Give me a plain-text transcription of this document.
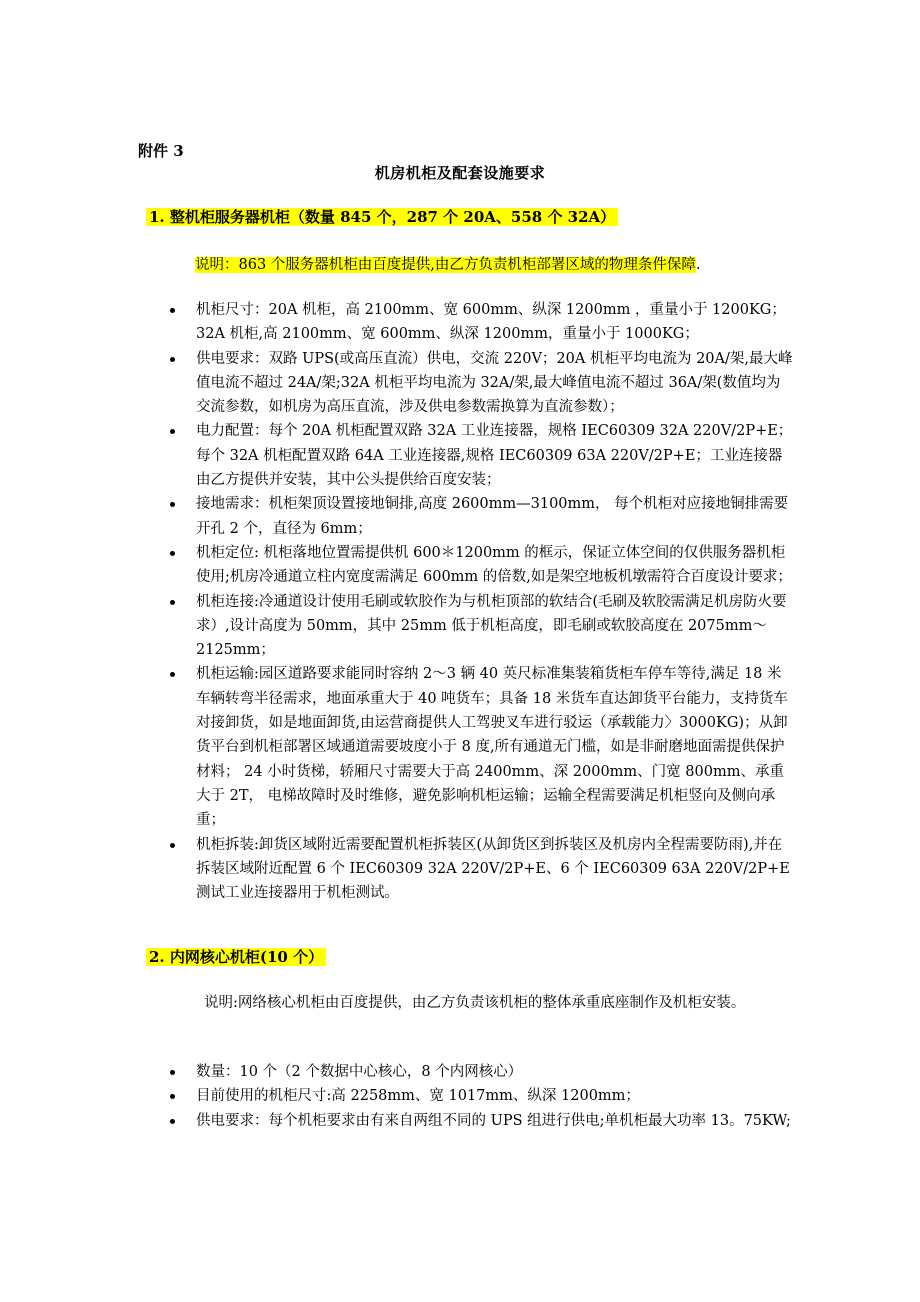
附件 3
机房机柜及配套设施要求
1. 整机柜服务器机柜（数量 845 个，287 个 20A、558 个 32A）
说明：863 个服务器机柜由百度提供,由乙方负责机柜部署区域的物理条件保障.
机柜尺寸：20A 机柜，高 2100mm、宽 600mm、纵深 1200mm ，重量小于 1200KG；32A 机柜,高 2100mm、宽 600mm、纵深 1200mm，重量小于 1000KG；
供电要求：双路 UPS(或高压直流）供电，交流 220V；20A 机柜平均电流为 20A/架,最大峰值电流不超过 24A/架;32A 机柜平均电流为 32A/架,最大峰值电流不超过 36A/架(数值均为交流参数，如机房为高压直流，涉及供电参数需换算为直流参数）；
电力配置：每个 20A 机柜配置双路 32A 工业连接器，规格 IEC60309 32A 220V/2P+E；每个 32A 机柜配置双路 64A 工业连接器,规格 IEC60309 63A 220V/2P+E；工业连接器由乙方提供并安装，其中公头提供给百度安装；
接地需求：机柜架顶设置接地铜排,高度 2600mm—3100mm， 每个机柜对应接地铜排需要开孔 2 个，直径为 6mm；
机柜定位: 机柜落地位置需提供机 600＊1200mm 的框示，保证立体空间的仅供服务器机柜使用;机房冷通道立柱内宽度需满足 600mm 的倍数,如是架空地板机墩需符合百度设计要求；
机柜连接:冷通道设计使用毛刷或软胶作为与机柜顶部的软结合(毛刷及软胶需满足机房防火要求）,设计高度为 50mm，其中 25mm 低于机柜高度，即毛刷或软胶高度在 2075mm～2125mm；
机柜运输:园区道路要求能同时容纳 2～3 辆 40 英尺标准集装箱货柜车停车等待,满足 18 米车辆转弯半径需求，地面承重大于 40 吨货车；具备 18 米货车直达卸货平台能力，支持货车对接卸货，如是地面卸货,由运营商提供人工驾驶叉车进行驳运（承载能力〉3000KG)；从卸货平台到机柜部署区域通道需要坡度小于 8 度,所有通道无门槛，如是非耐磨地面需提供保护材料； 24 小时货梯，轿厢尺寸需要大于高 2400mm、深 2000mm、门宽 800mm、承重大于 2T， 电梯故障时及时维修，避免影响机柜运输；运输全程需要满足机柜竖向及侧向承重；
机柜拆装:卸货区域附近需要配置机柜拆装区(从卸货区到拆装区及机房内全程需要防雨),并在拆装区域附近配置 6 个 IEC60309 32A 220V/2P+E、6 个 IEC60309 63A 220V/2P+E 测试工业连接器用于机柜测试。
2. 内网核心机柜(10 个）
说明:网络核心机柜由百度提供，由乙方负责该机柜的整体承重底座制作及机柜安装。
数量：10 个（2 个数据中心核心，8 个内网核心）
目前使用的机柜尺寸:高 2258mm、宽 1017mm、纵深 1200mm；
供电要求：每个机柜要求由有来自两组不同的 UPS 组进行供电;单机柜最大功率 13。75KW;
